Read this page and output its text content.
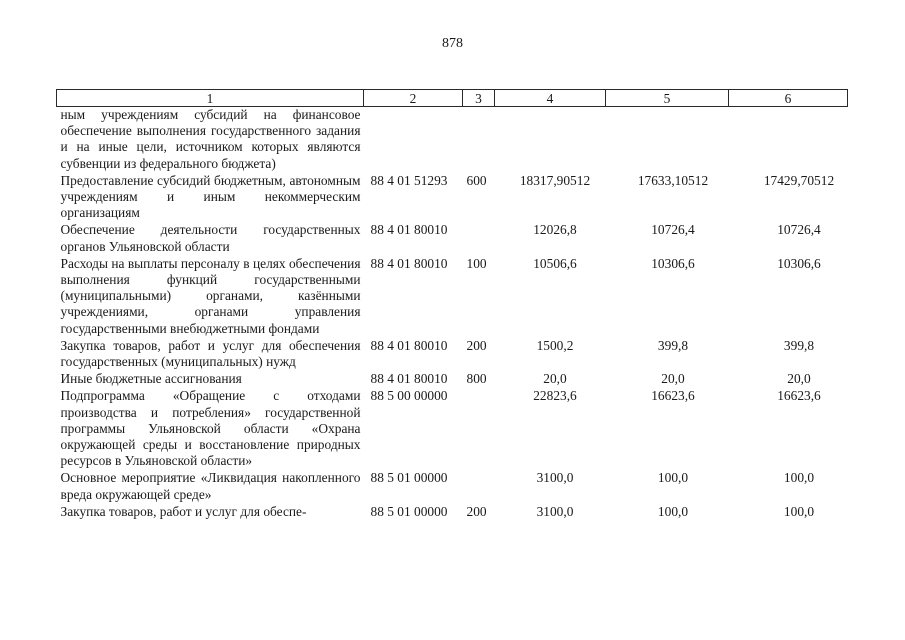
878
1	2	3	4	5	6
ным учреждениям субсидий на финансовое обеспечение выполнения государственного задания и на иные цели, источником которых являются субвенции из федерального бюджета)					
Предоставление субсидий бюджетным, автономным учреждениям и иным некоммерческим организациям	88 4 01 51293	600	18317,90512	17633,10512	17429,70512
Обеспечение деятельности государственных органов Ульяновской области	88 4 01 80010		12026,8	10726,4	10726,4
Расходы на выплаты персоналу в целях обеспечения выполнения функций государственными (муниципальными) органами, казёнными учреждениями, органами управления государственными внебюджетными фондами	88 4 01 80010	100	10506,6	10306,6	10306,6
Закупка товаров, работ и услуг для обеспечения государственных (муниципальных) нужд	88 4 01 80010	200	1500,2	399,8	399,8
Иные бюджетные ассигнования	88 4 01 80010	800	20,0	20,0	20,0
Подпрограмма «Обращение с отходами производства и потребления» государственной программы Ульяновской области «Охрана окружающей среды и восстановление природных ресурсов в Ульяновской области»	88 5 00 00000		22823,6	16623,6	16623,6
Основное мероприятие «Ликвидация накопленного вреда окружающей среде»	88 5 01 00000		3100,0	100,0	100,0
Закупка товаров, работ и услуг для обеспе-	88 5 01 00000	200	3100,0	100,0	100,0
